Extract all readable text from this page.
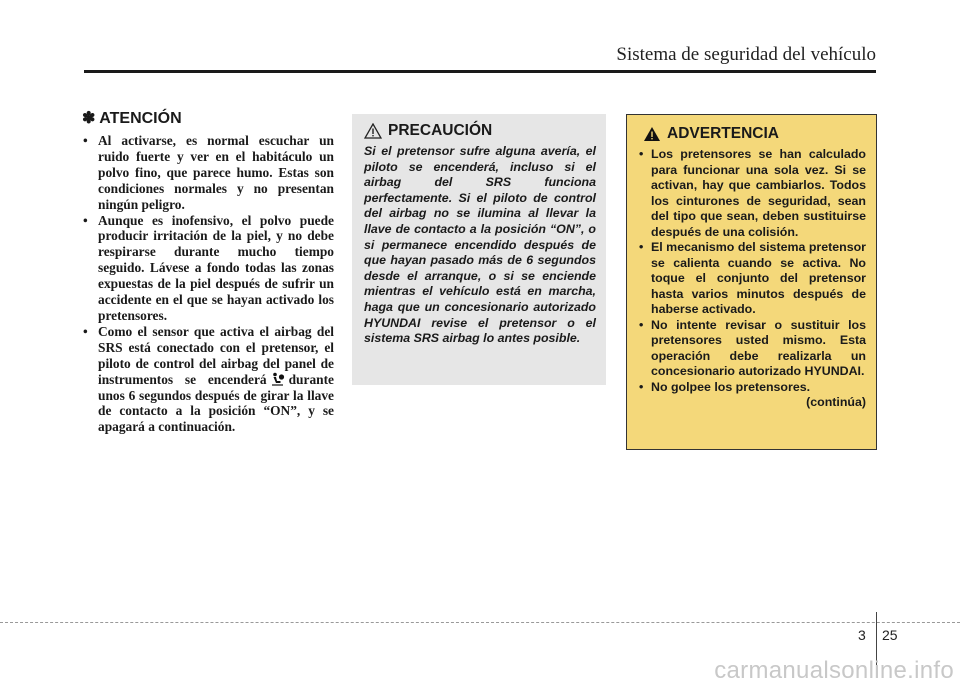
Sistema de seguridad del vehículo
✽ ATENCIÓN
• Al activarse, es normal escuchar un ruido fuerte y ver en el habitáculo un polvo fino, que parece humo. Estas son condiciones normales y no presentan ningún peligro.
• Aunque es inofensivo, el polvo puede producir irritación de la piel, y no debe respirarse durante mucho tiempo seguido. Lávese a fondo todas las zonas expuestas de la piel después de sufrir un accidente en el que se hayan activado los pretensores.
• Como el sensor que activa el airbag del SRS está conectado con el pretensor, el piloto de control del airbag del panel de instrumentos se encenderá durante unos 6 segundos después de girar la llave de contacto a la posición “ON”, y se apagará a continuación.
PRECAUCIÓN

Si el pretensor sufre alguna avería, el piloto se encenderá, incluso si el airbag del SRS funciona perfectamente. Si el piloto de control del airbag no se ilumina al llevar la llave de contacto a la posición “ON”, o si permanece encendido después de que hayan pasado más de 6 segundos desde el arranque, o si se enciende mientras el vehículo está en marcha, haga que un concesionario autorizado HYUNDAI revise el pretensor o el sistema SRS airbag lo antes posible.

ADVERTENCIA
• Los pretensores se han calculado para funcionar una sola vez. Si se activan, hay que cambiarlos. Todos los cinturones de seguridad, sean del tipo que sean, deben sustituirse después de una colisión.
• El mecanismo del sistema pretensor se calienta cuando se activa. No toque el conjunto del pretensor hasta varios minutos después de haberse activado.
• No intente revisar o sustituir los pretensores usted mismo. Esta operación debe realizarla un concesionario autorizado HYUNDAI.
• No golpee los pretensores.
(continúa)
3 25
carmanualsonline.info
